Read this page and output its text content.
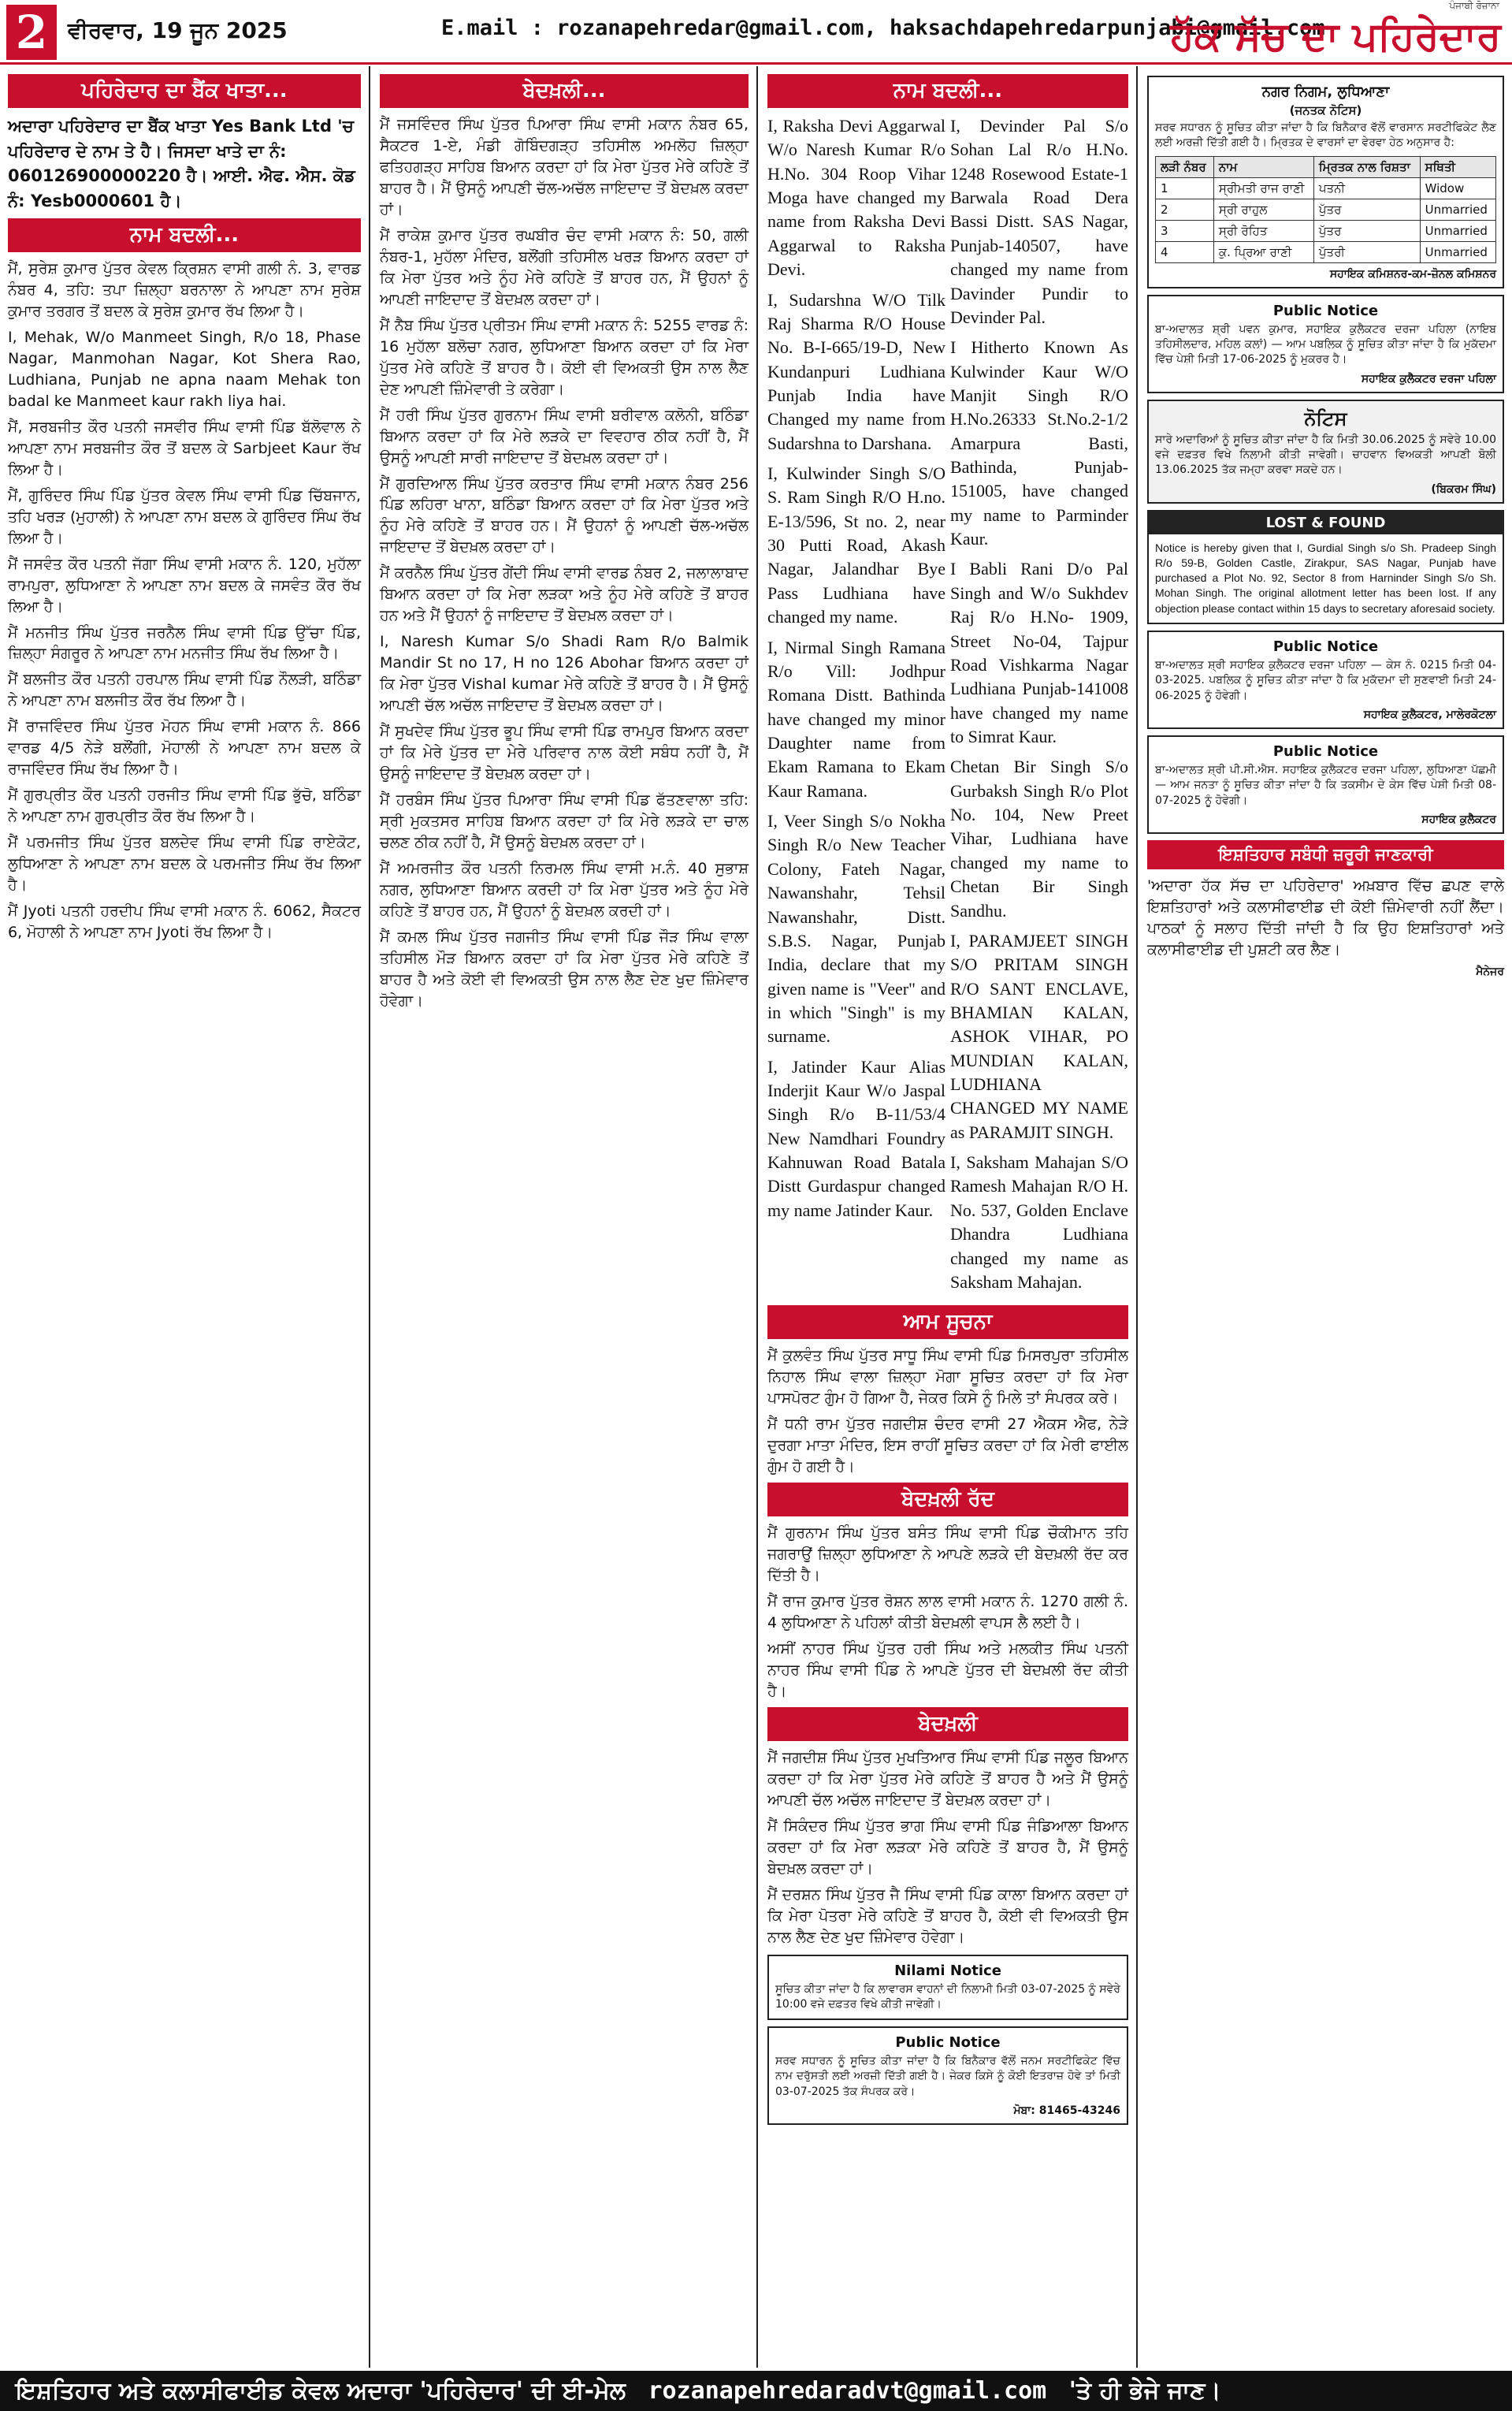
2 ਵੀਰਵਾਰ, 19 ਜੂਨ 2025	E.mail : rozanapehredar@gmail.com, haksachdapehredarpunjabi@gmail.com
ਪੰਜਾਬੀ ਰੋਜ਼ਾਨਾ
ਹੱਕ ਸੱਚ ਦਾ ਪਹਿਰੇਦਾਰ
ਪਹਿਰੇਦਾਰ ਦਾ ਬੈਂਕ ਖਾਤਾ...
ਅਦਾਰਾ ਪਹਿਰੇਦਾਰ ਦਾ ਬੈਂਕ ਖਾਤਾ Yes Bank Ltd 'ਚ ਪਹਿਰੇਦਾਰ ਦੇ ਨਾਮ ਤੇ ਹੈ। ਜਿਸਦਾ ਖਾਤੇ ਦਾ ਨੰ: 060126900000220 ਹੈ। ਆਈ. ਐਫ. ਐਸ. ਕੋਡ ਨੰ: Yesb0000601 ਹੈ।
ਨਾਮ ਬਦਲੀ...
ਮੈਂ, ਸੁਰੇਸ਼ ਕੁਮਾਰ ਪੁੱਤਰ ਕੇਵਲ ਕ੍ਰਿਸ਼ਨ ਵਾਸੀ ਗਲੀ ਨੰ. 3, ਵਾਰਡ ਨੰਬਰ 4, ਤਹਿ: ਤਪਾ ਜ਼ਿਲ੍ਹਾ ਬਰਨਾਲਾ ਨੇ ਆਪਣਾ ਨਾਮ ਸੁਰੇਸ਼ ਕੁਮਾਰ ਤਰਗਰ ਤੋਂ ਬਦਲ ਕੇ ਸੁਰੇਸ਼ ਕੁਮਾਰ ਰੱਖ ਲਿਆ ਹੈ।
I, Mehak, W/o Manmeet Singh, R/o 18, Phase Nagar, Manmohan Nagar, Kot Shera Rao, Ludhiana, Punjab ne apna naam Mehak ton badal ke Manmeet kaur rakh liya hai.
ਮੈਂ, ਸਰਬਜੀਤ ਕੌਰ ਪਤਨੀ ਜਸਵੀਰ ਸਿੰਘ ਵਾਸੀ ਪਿੰਡ ਬੱਲੋਵਾਲ ਨੇ ਆਪਣਾ ਨਾਮ ਸਰਬਜੀਤ ਕੌਰ ਤੋਂ ਬਦਲ ਕੇ Sarbjeet Kaur ਰੱਖ ਲਿਆ ਹੈ।
ਮੈਂ, ਗੁਰਿੰਦਰ ਸਿੰਘ ਪਿੰਡ ਪੁੱਤਰ ਕੇਵਲ ਸਿੰਘ ਵਾਸੀ ਪਿੰਡ ਚਿੱਬਜਾਨ, ਤਹਿ ਖਰੜ (ਮੁਹਾਲੀ) ਨੇ ਆਪਣਾ ਨਾਮ ਬਦਲ ਕੇ ਗੁਰਿੰਦਰ ਸਿੰਘ ਰੱਖ ਲਿਆ ਹੈ।
ਮੈਂ ਜਸਵੰਤ ਕੌਰ ਪਤਨੀ ਜੱਗਾ ਸਿੰਘ ਵਾਸੀ ਮਕਾਨ ਨੰ. 120, ਮੁਹੱਲਾ ਰਾਮਪੁਰਾ, ਲੁਧਿਆਣਾ ਨੇ ਆਪਣਾ ਨਾਮ ਬਦਲ ਕੇ ਜਸਵੰਤ ਕੌਰ ਰੱਖ ਲਿਆ ਹੈ।
ਮੈਂ ਮਨਜੀਤ ਸਿੰਘ ਪੁੱਤਰ ਜਰਨੈਲ ਸਿੰਘ ਵਾਸੀ ਪਿੰਡ ਉੱਚਾ ਪਿੰਡ, ਜ਼ਿਲ੍ਹਾ ਸੰਗਰੂਰ ਨੇ ਆਪਣਾ ਨਾਮ ਮਨਜੀਤ ਸਿੰਘ ਰੱਖ ਲਿਆ ਹੈ।
ਮੈਂ ਬਲਜੀਤ ਕੌਰ ਪਤਨੀ ਹਰਪਾਲ ਸਿੰਘ ਵਾਸੀ ਪਿੰਡ ਨੌਲੜੀ, ਬਠਿੰਡਾ ਨੇ ਆਪਣਾ ਨਾਮ ਬਲਜੀਤ ਕੌਰ ਰੱਖ ਲਿਆ ਹੈ।
ਮੈਂ ਰਾਜਵਿੰਦਰ ਸਿੰਘ ਪੁੱਤਰ ਮੋਹਨ ਸਿੰਘ ਵਾਸੀ ਮਕਾਨ ਨੰ. 866 ਵਾਰਡ 4/5 ਨੇੜੇ ਬਲੌਂਗੀ, ਮੋਹਾਲੀ ਨੇ ਆਪਣਾ ਨਾਮ ਬਦਲ ਕੇ ਰਾਜਵਿੰਦਰ ਸਿੰਘ ਰੱਖ ਲਿਆ ਹੈ।
ਮੈਂ ਗੁਰਪ੍ਰੀਤ ਕੌਰ ਪਤਨੀ ਹਰਜੀਤ ਸਿੰਘ ਵਾਸੀ ਪਿੰਡ ਭੁੱਚੋ, ਬਠਿੰਡਾ ਨੇ ਆਪਣਾ ਨਾਮ ਗੁਰਪ੍ਰੀਤ ਕੌਰ ਰੱਖ ਲਿਆ ਹੈ।
ਮੈਂ ਪਰਮਜੀਤ ਸਿੰਘ ਪੁੱਤਰ ਬਲਦੇਵ ਸਿੰਘ ਵਾਸੀ ਪਿੰਡ ਰਾਏਕੋਟ, ਲੁਧਿਆਣਾ ਨੇ ਆਪਣਾ ਨਾਮ ਬਦਲ ਕੇ ਪਰਮਜੀਤ ਸਿੰਘ ਰੱਖ ਲਿਆ ਹੈ।
ਮੈਂ Jyoti ਪਤਨੀ ਹਰਦੀਪ ਸਿੰਘ ਵਾਸੀ ਮਕਾਨ ਨੰ. 6062, ਸੈਕਟਰ 6, ਮੋਹਾਲੀ ਨੇ ਆਪਣਾ ਨਾਮ Jyoti ਰੱਖ ਲਿਆ ਹੈ।
ਬੇਦਖ਼ਲੀ...
ਮੈਂ ਜਸਵਿੰਦਰ ਸਿੰਘ ਪੁੱਤਰ ਪਿਆਰਾ ਸਿੰਘ ਵਾਸੀ ਮਕਾਨ ਨੰਬਰ 65, ਸੈਕਟਰ 1-ਏ, ਮੰਡੀ ਗੋਬਿੰਦਗੜ੍ਹ ਤਹਿਸੀਲ ਅਮਲੋਹ ਜ਼ਿਲ੍ਹਾ ਫਤਿਹਗੜ੍ਹ ਸਾਹਿਬ ਬਿਆਨ ਕਰਦਾ ਹਾਂ ਕਿ ਮੇਰਾ ਪੁੱਤਰ ਮੇਰੇ ਕਹਿਣੇ ਤੋਂ ਬਾਹਰ ਹੈ। ਮੈਂ ਉਸਨੂੰ ਆਪਣੀ ਚੱਲ-ਅਚੱਲ ਜਾਇਦਾਦ ਤੋਂ ਬੇਦਖ਼ਲ ਕਰਦਾ ਹਾਂ।
ਮੈਂ ਰਾਕੇਸ਼ ਕੁਮਾਰ ਪੁੱਤਰ ਰਘਬੀਰ ਚੰਦ ਵਾਸੀ ਮਕਾਨ ਨੰ: 50, ਗਲੀ ਨੰਬਰ-1, ਮੁਹੱਲਾ ਮੰਦਿਰ, ਬਲੌਂਗੀ ਤਹਿਸੀਲ ਖਰੜ ਬਿਆਨ ਕਰਦਾ ਹਾਂ ਕਿ ਮੇਰਾ ਪੁੱਤਰ ਅਤੇ ਨੂੰਹ ਮੇਰੇ ਕਹਿਣੇ ਤੋਂ ਬਾਹਰ ਹਨ, ਮੈਂ ਉਹਨਾਂ ਨੂੰ ਆਪਣੀ ਜਾਇਦਾਦ ਤੋਂ ਬੇਦਖ਼ਲ ਕਰਦਾ ਹਾਂ।
ਮੈਂ ਨੈਬ ਸਿੰਘ ਪੁੱਤਰ ਪ੍ਰੀਤਮ ਸਿੰਘ ਵਾਸੀ ਮਕਾਨ ਨੰ: 5255 ਵਾਰਡ ਨੰ: 16 ਮੁਹੱਲਾ ਬਲੋਚਾ ਨਗਰ, ਲੁਧਿਆਣਾ ਬਿਆਨ ਕਰਦਾ ਹਾਂ ਕਿ ਮੇਰਾ ਪੁੱਤਰ ਮੇਰੇ ਕਹਿਣੇ ਤੋਂ ਬਾਹਰ ਹੈ। ਕੋਈ ਵੀ ਵਿਅਕਤੀ ਉਸ ਨਾਲ ਲੈਣ ਦੇਣ ਆਪਣੀ ਜ਼ਿੰਮੇਵਾਰੀ ਤੇ ਕਰੇਗਾ।
ਮੈਂ ਹਰੀ ਸਿੰਘ ਪੁੱਤਰ ਗੁਰਨਾਮ ਸਿੰਘ ਵਾਸੀ ਬਰੀਵਾਲ ਕਲੋਨੀ, ਬਠਿੰਡਾ ਬਿਆਨ ਕਰਦਾ ਹਾਂ ਕਿ ਮੇਰੇ ਲੜਕੇ ਦਾ ਵਿਵਹਾਰ ਠੀਕ ਨਹੀਂ ਹੈ, ਮੈਂ ਉਸਨੂੰ ਆਪਣੀ ਸਾਰੀ ਜਾਇਦਾਦ ਤੋਂ ਬੇਦਖ਼ਲ ਕਰਦਾ ਹਾਂ।
ਮੈਂ ਗੁਰਦਿਆਲ ਸਿੰਘ ਪੁੱਤਰ ਕਰਤਾਰ ਸਿੰਘ ਵਾਸੀ ਮਕਾਨ ਨੰਬਰ 256 ਪਿੰਡ ਲਹਿਰਾ ਖਾਨਾ, ਬਠਿੰਡਾ ਬਿਆਨ ਕਰਦਾ ਹਾਂ ਕਿ ਮੇਰਾ ਪੁੱਤਰ ਅਤੇ ਨੂੰਹ ਮੇਰੇ ਕਹਿਣੇ ਤੋਂ ਬਾਹਰ ਹਨ। ਮੈਂ ਉਹਨਾਂ ਨੂੰ ਆਪਣੀ ਚੱਲ-ਅਚੱਲ ਜਾਇਦਾਦ ਤੋਂ ਬੇਦਖ਼ਲ ਕਰਦਾ ਹਾਂ।
ਮੈਂ ਕਰਨੈਲ ਸਿੰਘ ਪੁੱਤਰ ਗੇਂਦੀ ਸਿੰਘ ਵਾਸੀ ਵਾਰਡ ਨੰਬਰ 2, ਜਲਾਲਾਬਾਦ ਬਿਆਨ ਕਰਦਾ ਹਾਂ ਕਿ ਮੇਰਾ ਲੜਕਾ ਅਤੇ ਨੂੰਹ ਮੇਰੇ ਕਹਿਣੇ ਤੋਂ ਬਾਹਰ ਹਨ ਅਤੇ ਮੈਂ ਉਹਨਾਂ ਨੂੰ ਜਾਇਦਾਦ ਤੋਂ ਬੇਦਖ਼ਲ ਕਰਦਾ ਹਾਂ।
I, Naresh Kumar S/o Shadi Ram R/o Balmik Mandir St no 17, H no 126 Abohar ਬਿਆਨ ਕਰਦਾ ਹਾਂ ਕਿ ਮੇਰਾ ਪੁੱਤਰ Vishal kumar ਮੇਰੇ ਕਹਿਣੇ ਤੋਂ ਬਾਹਰ ਹੈ। ਮੈਂ ਉਸਨੂੰ ਆਪਣੀ ਚੱਲ ਅਚੱਲ ਜਾਇਦਾਦ ਤੋਂ ਬੇਦਖ਼ਲ ਕਰਦਾ ਹਾਂ।
ਮੈਂ ਸੁਖਦੇਵ ਸਿੰਘ ਪੁੱਤਰ ਭੂਪ ਸਿੰਘ ਵਾਸੀ ਪਿੰਡ ਰਾਮਪੁਰ ਬਿਆਨ ਕਰਦਾ ਹਾਂ ਕਿ ਮੇਰੇ ਪੁੱਤਰ ਦਾ ਮੇਰੇ ਪਰਿਵਾਰ ਨਾਲ ਕੋਈ ਸਬੰਧ ਨਹੀਂ ਹੈ, ਮੈਂ ਉਸਨੂੰ ਜਾਇਦਾਦ ਤੋਂ ਬੇਦਖ਼ਲ ਕਰਦਾ ਹਾਂ।
ਮੈਂ ਹਰਬੰਸ ਸਿੰਘ ਪੁੱਤਰ ਪਿਆਰਾ ਸਿੰਘ ਵਾਸੀ ਪਿੰਡ ਫੱਤਣਵਾਲਾ ਤਹਿ: ਸ੍ਰੀ ਮੁਕਤਸਰ ਸਾਹਿਬ ਬਿਆਨ ਕਰਦਾ ਹਾਂ ਕਿ ਮੇਰੇ ਲੜਕੇ ਦਾ ਚਾਲ ਚਲਣ ਠੀਕ ਨਹੀਂ ਹੈ, ਮੈਂ ਉਸਨੂੰ ਬੇਦਖ਼ਲ ਕਰਦਾ ਹਾਂ।
ਮੈਂ ਅਮਰਜੀਤ ਕੌਰ ਪਤਨੀ ਨਿਰਮਲ ਸਿੰਘ ਵਾਸੀ ਮ.ਨੰ. 40 ਸੁਭਾਸ਼ ਨਗਰ, ਲੁਧਿਆਣਾ ਬਿਆਨ ਕਰਦੀ ਹਾਂ ਕਿ ਮੇਰਾ ਪੁੱਤਰ ਅਤੇ ਨੂੰਹ ਮੇਰੇ ਕਹਿਣੇ ਤੋਂ ਬਾਹਰ ਹਨ, ਮੈਂ ਉਹਨਾਂ ਨੂੰ ਬੇਦਖ਼ਲ ਕਰਦੀ ਹਾਂ।
ਮੈਂ ਕਮਲ ਸਿੰਘ ਪੁੱਤਰ ਜਗਜੀਤ ਸਿੰਘ ਵਾਸੀ ਪਿੰਡ ਜੌੜ ਸਿੰਘ ਵਾਲਾ ਤਹਿਸੀਲ ਮੌੜ ਬਿਆਨ ਕਰਦਾ ਹਾਂ ਕਿ ਮੇਰਾ ਪੁੱਤਰ ਮੇਰੇ ਕਹਿਣੇ ਤੋਂ ਬਾਹਰ ਹੈ ਅਤੇ ਕੋਈ ਵੀ ਵਿਅਕਤੀ ਉਸ ਨਾਲ ਲੈਣ ਦੇਣ ਖੁਦ ਜ਼ਿੰਮੇਵਾਰ ਹੋਵੇਗਾ।
ਨਾਮ ਬਦਲੀ...
I, Raksha Devi Aggarwal W/o Naresh Kumar R/o H.No. 304 Roop Vihar Moga have changed my name from Raksha Devi Aggarwal to Raksha Devi.
I, Sudarshna W/O Tilk Raj Sharma R/O House No. B-I-665/19-D, New Kundanpuri Ludhiana Punjab India have Changed my name from Sudarshna to Darshana.
I, Kulwinder Singh S/O S. Ram Singh R/O H.no. E-13/596, St no. 2, near 30 Putti Road, Akash Nagar, Jalandhar Bye Pass Ludhiana have changed my name.
I, Nirmal Singh Ramana R/o Vill: Jodhpur Romana Distt. Bathinda have changed my minor Daughter name from Ekam Ramana to Ekam Kaur Ramana.
I, Veer Singh S/o Nokha Singh R/o New Teacher Colony, Fateh Nagar, Nawanshahr, Tehsil Nawanshahr, Distt. S.B.S. Nagar, Punjab India, declare that my given name is "Veer" and in which "Singh" is my surname.
I, Jatinder Kaur Alias Inderjit Kaur W/o Jaspal Singh R/o B-11/53/4 New Namdhari Foundry Kahnuwan Road Batala Distt Gurdaspur changed my name Jatinder Kaur.
I, Devinder Pal S/o Sohan Lal R/o H.No. 1248 Rosewood Estate-1 Barwala Road Dera Bassi Distt. SAS Nagar, Punjab-140507, have changed my name from Davinder Pundir to Devinder Pal.
I Hitherto Known As Kulwinder Kaur W/O Manjit Singh R/O H.No.26333 St.No.2-1/2 Amarpura Basti, Bathinda, Punjab-151005, have changed my name to Parminder Kaur.
I Babli Rani D/o Pal Singh and W/o Sukhdev Raj R/o H.No- 1909, Street No-04, Tajpur Road Vishkarma Nagar Ludhiana Punjab-141008 have changed my name to Simrat Kaur.
Chetan Bir Singh S/o Gurbaksh Singh R/o Plot No. 104, New Preet Vihar, Ludhiana have changed my name to Chetan Bir Singh Sandhu.
I, PARAMJEET SINGH S/O PRITAM SINGH R/O SANT ENCLAVE, BHAMIAN KALAN, ASHOK VIHAR, PO MUNDIAN KALAN, LUDHIANA CHANGED MY NAME as PARAMJIT SINGH.
I, Saksham Mahajan S/O Ramesh Mahajan R/O H. No. 537, Golden Enclave Dhandra Ludhiana changed my name as Saksham Mahajan.
ਆਮ ਸੂਚਨਾ
ਮੈਂ ਕੁਲਵੰਤ ਸਿੰਘ ਪੁੱਤਰ ਸਾਧੂ ਸਿੰਘ ਵਾਸੀ ਪਿੰਡ ਮਿਸਰਪੁਰਾ ਤਹਿਸੀਲ ਨਿਹਾਲ ਸਿੰਘ ਵਾਲਾ ਜ਼ਿਲ੍ਹਾ ਮੋਗਾ ਸੂਚਿਤ ਕਰਦਾ ਹਾਂ ਕਿ ਮੇਰਾ ਪਾਸਪੋਰਟ ਗੁੰਮ ਹੋ ਗਿਆ ਹੈ, ਜੇਕਰ ਕਿਸੇ ਨੂੰ ਮਿਲੇ ਤਾਂ ਸੰਪਰਕ ਕਰੇ।
ਮੈਂ ਧਨੀ ਰਾਮ ਪੁੱਤਰ ਜਗਦੀਸ਼ ਚੰਦਰ ਵਾਸੀ 27 ਐਕਸ ਐਫ, ਨੇੜੇ ਦੁਰਗਾ ਮਾਤਾ ਮੰਦਿਰ, ਇਸ ਰਾਹੀਂ ਸੂਚਿਤ ਕਰਦਾ ਹਾਂ ਕਿ ਮੇਰੀ ਫਾਈਲ ਗੁੰਮ ਹੋ ਗਈ ਹੈ।
ਬੇਦਖ਼ਲੀ ਰੱਦ
ਮੈਂ ਗੁਰਨਾਮ ਸਿੰਘ ਪੁੱਤਰ ਬਸੰਤ ਸਿੰਘ ਵਾਸੀ ਪਿੰਡ ਚੌਕੀਮਾਨ ਤਹਿ ਜਗਰਾਉਂ ਜ਼ਿਲ੍ਹਾ ਲੁਧਿਆਣਾ ਨੇ ਆਪਣੇ ਲੜਕੇ ਦੀ ਬੇਦਖ਼ਲੀ ਰੱਦ ਕਰ ਦਿੱਤੀ ਹੈ।
ਮੈਂ ਰਾਜ ਕੁਮਾਰ ਪੁੱਤਰ ਰੋਸ਼ਨ ਲਾਲ ਵਾਸੀ ਮਕਾਨ ਨੰ. 1270 ਗਲੀ ਨੰ. 4 ਲੁਧਿਆਣਾ ਨੇ ਪਹਿਲਾਂ ਕੀਤੀ ਬੇਦਖ਼ਲੀ ਵਾਪਸ ਲੈ ਲਈ ਹੈ।
ਅਸੀਂ ਨਾਹਰ ਸਿੰਘ ਪੁੱਤਰ ਹਰੀ ਸਿੰਘ ਅਤੇ ਮਲਕੀਤ ਸਿੰਘ ਪਤਨੀ ਨਾਹਰ ਸਿੰਘ ਵਾਸੀ ਪਿੰਡ ਨੇ ਆਪਣੇ ਪੁੱਤਰ ਦੀ ਬੇਦਖ਼ਲੀ ਰੱਦ ਕੀਤੀ ਹੈ।
ਬੇਦਖ਼ਲੀ
ਮੈਂ ਜਗਦੀਸ਼ ਸਿੰਘ ਪੁੱਤਰ ਮੁਖਤਿਆਰ ਸਿੰਘ ਵਾਸੀ ਪਿੰਡ ਜਲੂਰ ਬਿਆਨ ਕਰਦਾ ਹਾਂ ਕਿ ਮੇਰਾ ਪੁੱਤਰ ਮੇਰੇ ਕਹਿਣੇ ਤੋਂ ਬਾਹਰ ਹੈ ਅਤੇ ਮੈਂ ਉਸਨੂੰ ਆਪਣੀ ਚੱਲ ਅਚੱਲ ਜਾਇਦਾਦ ਤੋਂ ਬੇਦਖ਼ਲ ਕਰਦਾ ਹਾਂ।
ਮੈਂ ਸਿਕੰਦਰ ਸਿੰਘ ਪੁੱਤਰ ਭਾਗ ਸਿੰਘ ਵਾਸੀ ਪਿੰਡ ਜੰਡਿਆਲਾ ਬਿਆਨ ਕਰਦਾ ਹਾਂ ਕਿ ਮੇਰਾ ਲੜਕਾ ਮੇਰੇ ਕਹਿਣੇ ਤੋਂ ਬਾਹਰ ਹੈ, ਮੈਂ ਉਸਨੂੰ ਬੇਦਖ਼ਲ ਕਰਦਾ ਹਾਂ।
ਮੈਂ ਦਰਸ਼ਨ ਸਿੰਘ ਪੁੱਤਰ ਜੈ ਸਿੰਘ ਵਾਸੀ ਪਿੰਡ ਕਾਲਾ ਬਿਆਨ ਕਰਦਾ ਹਾਂ ਕਿ ਮੇਰਾ ਪੋਤਰਾ ਮੇਰੇ ਕਹਿਣੇ ਤੋਂ ਬਾਹਰ ਹੈ, ਕੋਈ ਵੀ ਵਿਅਕਤੀ ਉਸ ਨਾਲ ਲੈਣ ਦੇਣ ਖੁਦ ਜ਼ਿੰਮੇਵਾਰ ਹੋਵੇਗਾ।
Nilami Notice
ਸੂਚਿਤ ਕੀਤਾ ਜਾਂਦਾ ਹੈ ਕਿ ਲਾਵਾਰਸ ਵਾਹਨਾਂ ਦੀ ਨਿਲਾਮੀ ਮਿਤੀ 03-07-2025 ਨੂੰ ਸਵੇਰੇ 10:00 ਵਜੇ ਦਫ਼ਤਰ ਵਿਖੇ ਕੀਤੀ ਜਾਵੇਗੀ।
Public Notice
ਸਰਵ ਸਧਾਰਨ ਨੂੰ ਸੂਚਿਤ ਕੀਤਾ ਜਾਂਦਾ ਹੈ ਕਿ ਬਿਨੈਕਾਰ ਵੱਲੋਂ ਜਨਮ ਸਰਟੀਫਿਕੇਟ ਵਿੱਚ ਨਾਮ ਦਰੁੱਸਤੀ ਲਈ ਅਰਜ਼ੀ ਦਿੱਤੀ ਗਈ ਹੈ। ਜੇਕਰ ਕਿਸੇ ਨੂੰ ਕੋਈ ਇਤਰਾਜ਼ ਹੋਵੇ ਤਾਂ ਮਿਤੀ 03-07-2025 ਤੱਕ ਸੰਪਰਕ ਕਰੇ।
ਮੋਬਾ: 81465-43246
ਨਗਰ ਨਿਗਮ, ਲੁਧਿਆਣਾ
(ਜਨਤਕ ਨੋਟਿਸ)
ਸਰਵ ਸਧਾਰਨ ਨੂੰ ਸੂਚਿਤ ਕੀਤਾ ਜਾਂਦਾ ਹੈ ਕਿ ਬਿਨੈਕਾਰ ਵੱਲੋਂ ਵਾਰਸਾਨ ਸਰਟੀਫਿਕੇਟ ਲੈਣ ਲਈ ਅਰਜ਼ੀ ਦਿੱਤੀ ਗਈ ਹੈ। ਮ੍ਰਿਤਕ ਦੇ ਵਾਰਸਾਂ ਦਾ ਵੇਰਵਾ ਹੇਠ ਅਨੁਸਾਰ ਹੈ:
ਲੜੀ ਨੰਬਰ	ਨਾਮ	ਮ੍ਰਿਤਕ ਨਾਲ ਰਿਸ਼ਤਾ	ਸਥਿਤੀ
1	ਸ੍ਰੀਮਤੀ ਰਾਜ ਰਾਣੀ	ਪਤਨੀ	Widow
2	ਸ੍ਰੀ ਰਾਹੁਲ	ਪੁੱਤਰ	Unmarried
3	ਸ੍ਰੀ ਰੋਹਿਤ	ਪੁੱਤਰ	Unmarried
4	ਕੁ. ਪ੍ਰਿਆ ਰਾਣੀ	ਪੁੱਤਰੀ	Unmarried
ਸਹਾਇਕ ਕਮਿਸ਼ਨਰ-ਕਮ-ਜ਼ੋਨਲ ਕਮਿਸ਼ਨਰ
Public Notice
ਬਾ-ਅਦਾਲਤ ਸ਼੍ਰੀ ਪਵਨ ਕੁਮਾਰ, ਸਹਾਇਕ ਕੁਲੈਕਟਰ ਦਰਜਾ ਪਹਿਲਾ (ਨਾਇਬ ਤਹਿਸੀਲਦਾਰ, ਮਹਿਲ ਕਲਾਂ) — ਆਮ ਪਬਲਿਕ ਨੂੰ ਸੂਚਿਤ ਕੀਤਾ ਜਾਂਦਾ ਹੈ ਕਿ ਮੁਕੱਦਮਾ ਵਿੱਚ ਪੇਸ਼ੀ ਮਿਤੀ 17-06-2025 ਨੂੰ ਮੁਕਰਰ ਹੈ।
ਸਹਾਇਕ ਕੁਲੈਕਟਰ ਦਰਜਾ ਪਹਿਲਾ
ਨੋਟਿਸ
ਸਾਰੇ ਅਦਾਰਿਆਂ ਨੂੰ ਸੂਚਿਤ ਕੀਤਾ ਜਾਂਦਾ ਹੈ ਕਿ ਮਿਤੀ 30.06.2025 ਨੂੰ ਸਵੇਰੇ 10.00 ਵਜੇ ਦਫ਼ਤਰ ਵਿਖੇ ਨਿਲਾਮੀ ਕੀਤੀ ਜਾਵੇਗੀ। ਚਾਹਵਾਨ ਵਿਅਕਤੀ ਆਪਣੀ ਬੋਲੀ 13.06.2025 ਤੱਕ ਜਮ੍ਹਾ ਕਰਵਾ ਸਕਦੇ ਹਨ।
(ਬਿਕਰਮ ਸਿੰਘ)
LOST & FOUND
Notice is hereby given that I, Gurdial Singh s/o Sh. Pradeep Singh R/o 59-B, Golden Castle, Zirakpur, SAS Nagar, Punjab have purchased a Plot No. 92, Sector 8 from Harninder Singh S/o Sh. Mohan Singh. The original allotment letter has been lost. If any objection please contact within 15 days to secretary aforesaid society.
Public Notice
ਬਾ-ਅਦਾਲਤ ਸ਼੍ਰੀ ਸਹਾਇਕ ਕੁਲੈਕਟਰ ਦਰਜਾ ਪਹਿਲਾ — ਕੇਸ ਨੰ. 0215 ਮਿਤੀ 04-03-2025. ਪਬਲਿਕ ਨੂੰ ਸੂਚਿਤ ਕੀਤਾ ਜਾਂਦਾ ਹੈ ਕਿ ਮੁਕੱਦਮਾ ਦੀ ਸੁਣਵਾਈ ਮਿਤੀ 24-06-2025 ਨੂੰ ਹੋਵੇਗੀ।
ਸਹਾਇਕ ਕੁਲੈਕਟਰ, ਮਾਲੇਰਕੋਟਲਾ
Public Notice
ਬਾ-ਅਦਾਲਤ ਸ਼੍ਰੀ ਪੀ.ਸੀ.ਐਸ. ਸਹਾਇਕ ਕੁਲੈਕਟਰ ਦਰਜਾ ਪਹਿਲਾ, ਲੁਧਿਆਣਾ ਪੱਛਮੀ — ਆਮ ਜਨਤਾ ਨੂੰ ਸੂਚਿਤ ਕੀਤਾ ਜਾਂਦਾ ਹੈ ਕਿ ਤਕਸੀਮ ਦੇ ਕੇਸ ਵਿੱਚ ਪੇਸ਼ੀ ਮਿਤੀ 08-07-2025 ਨੂੰ ਹੋਵੇਗੀ।
ਸਹਾਇਕ ਕੁਲੈਕਟਰ
ਇਸ਼ਤਿਹਾਰ ਸਬੰਧੀ ਜ਼ਰੂਰੀ ਜਾਣਕਾਰੀ
'ਅਦਾਰਾ ਹੱਕ ਸੱਚ ਦਾ ਪਹਿਰੇਦਾਰ' ਅਖ਼ਬਾਰ ਵਿੱਚ ਛਪਣ ਵਾਲੇ ਇਸ਼ਤਿਹਾਰਾਂ ਅਤੇ ਕਲਾਸੀਫਾਈਡ ਦੀ ਕੋਈ ਜ਼ਿੰਮੇਵਾਰੀ ਨਹੀਂ ਲੈਂਦਾ। ਪਾਠਕਾਂ ਨੂੰ ਸਲਾਹ ਦਿੱਤੀ ਜਾਂਦੀ ਹੈ ਕਿ ਉਹ ਇਸ਼ਤਿਹਾਰਾਂ ਅਤੇ ਕਲਾਸੀਫਾਈਡ ਦੀ ਪੁਸ਼ਟੀ ਕਰ ਲੈਣ।
ਮੈਨੇਜਰ
ਇਸ਼ਤਿਹਾਰ ਅਤੇ ਕਲਾਸੀਫਾਈਡ ਕੇਵਲ ਅਦਾਰਾ 'ਪਹਿਰੇਦਾਰ' ਦੀ ਈ-ਮੇਲ rozanapehredaradvt@gmail.com 'ਤੇ ਹੀ ਭੇਜੇ ਜਾਣ।
